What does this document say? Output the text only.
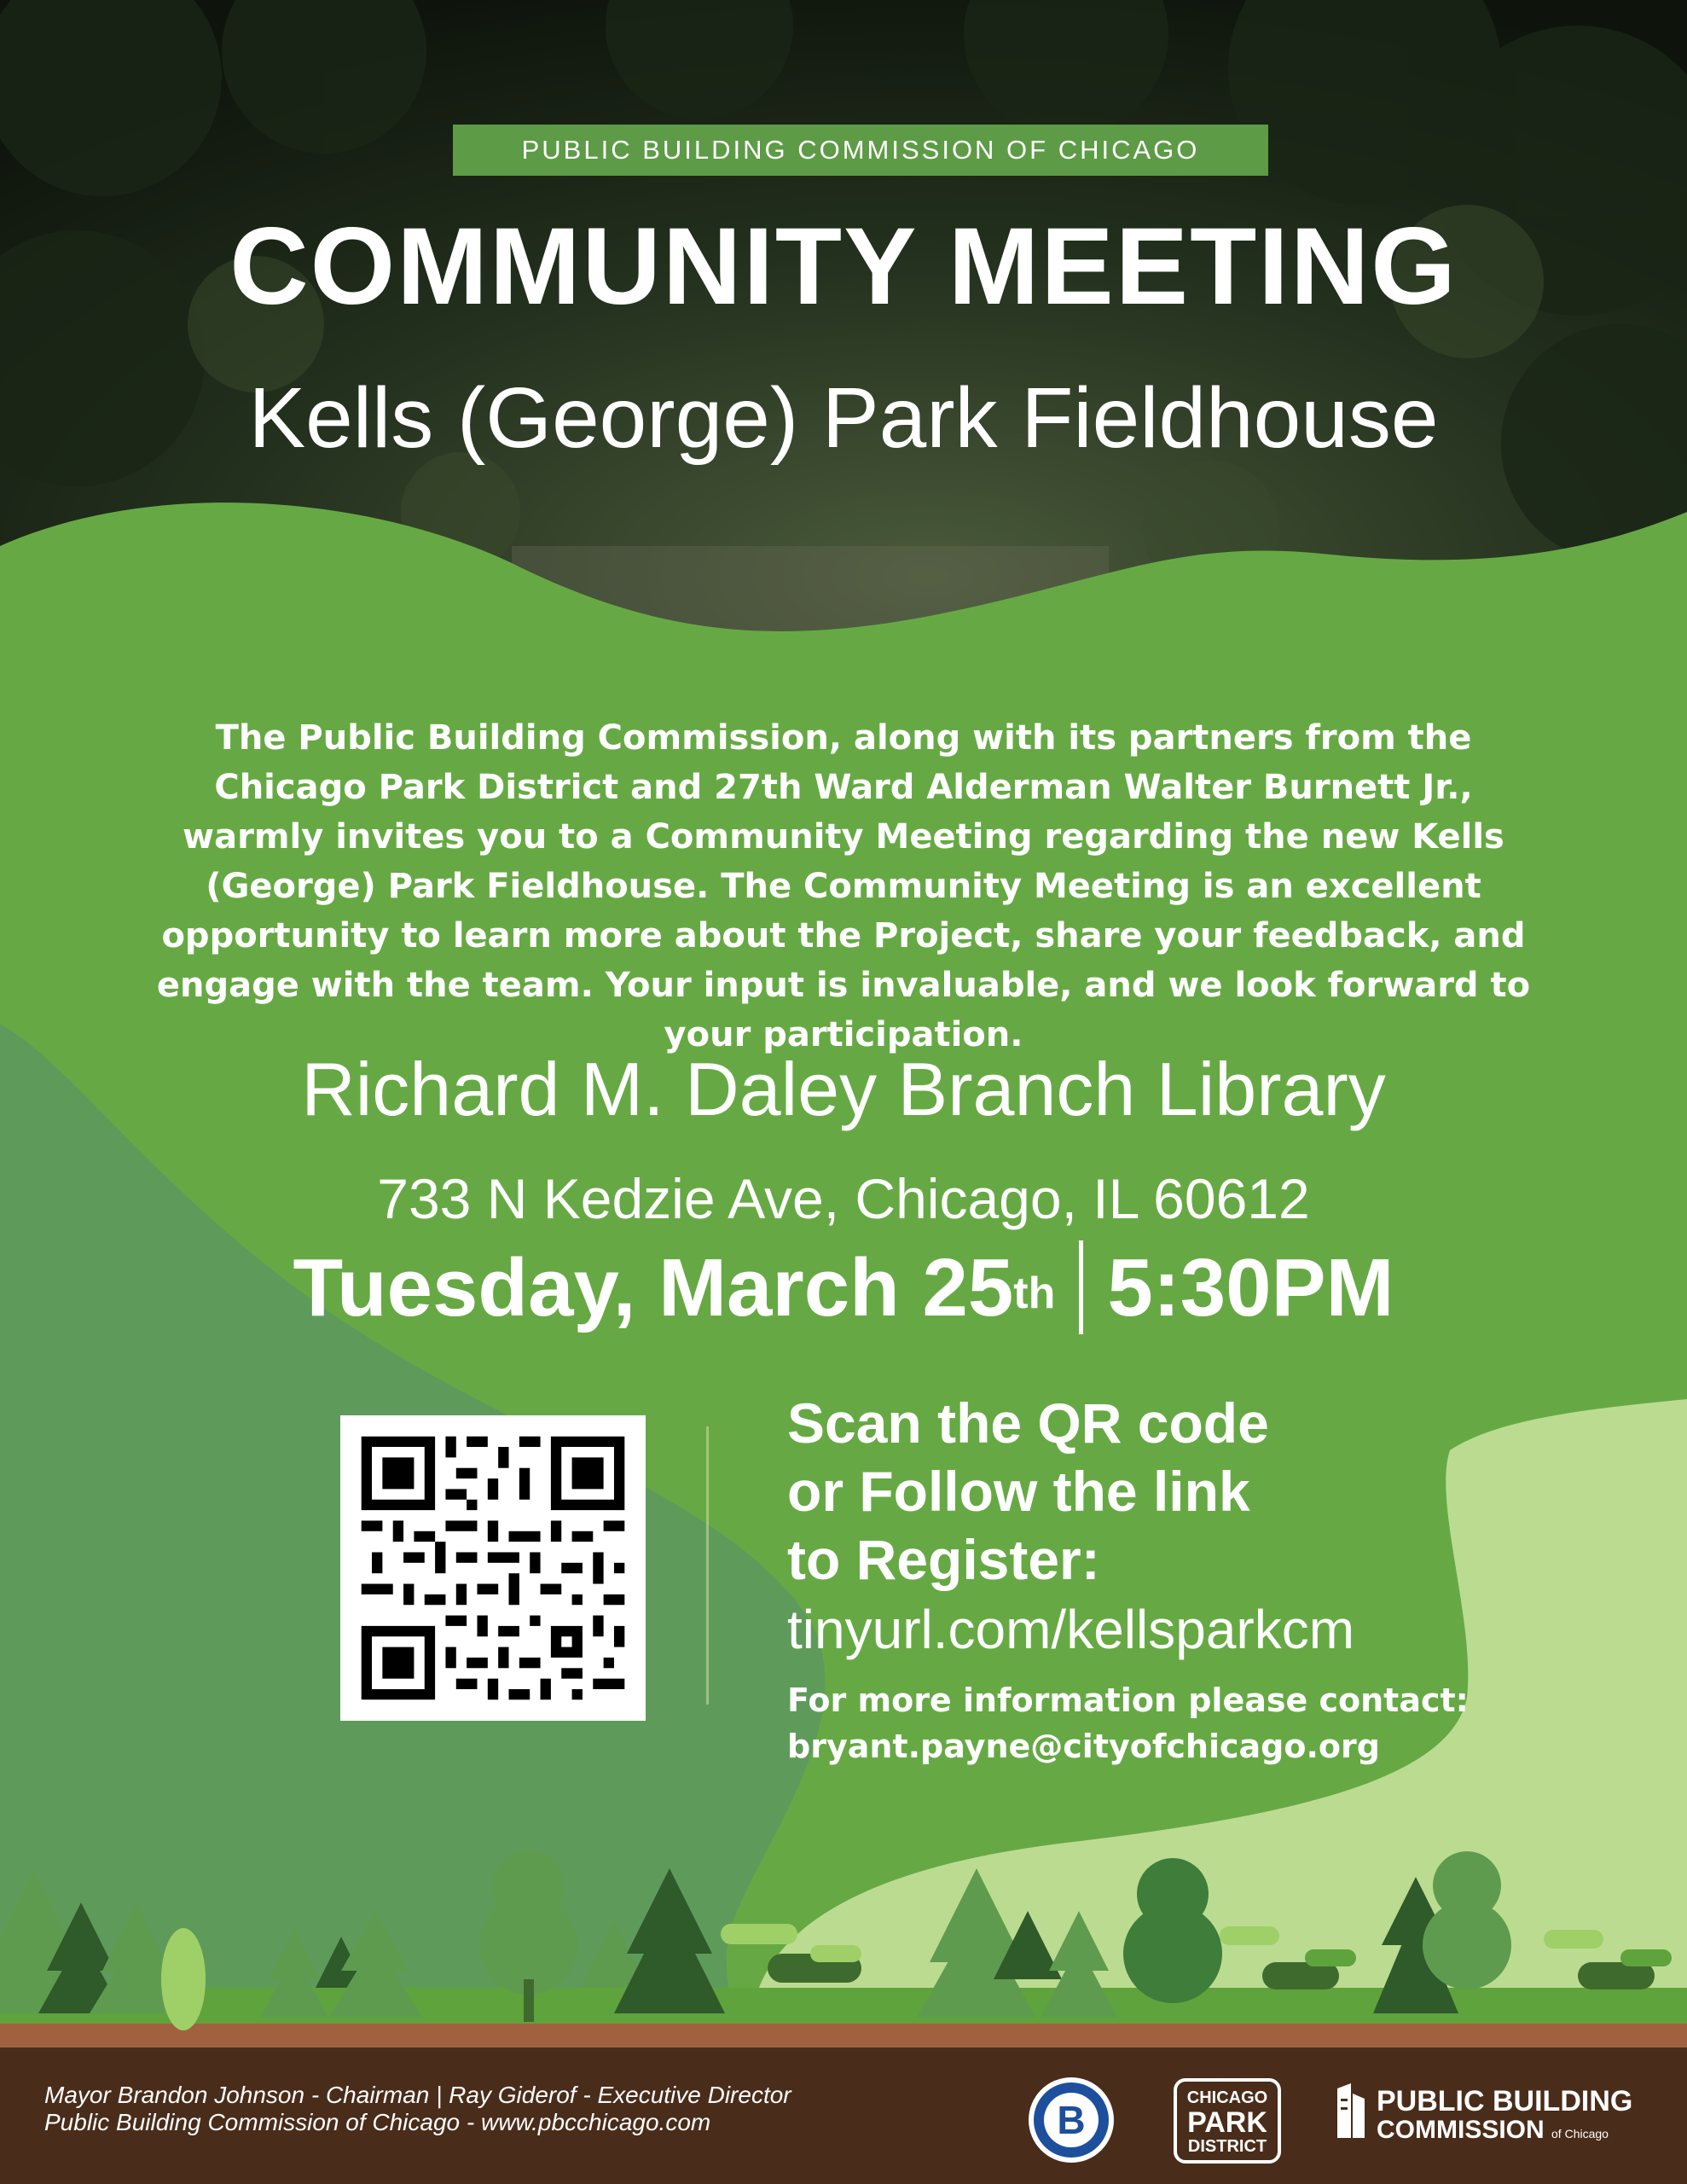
PUBLIC BUILDING COMMISSION OF CHICAGO
COMMUNITY MEETING
Kells (George) Park Fieldhouse
The Public Building Commission, along with its partners from the Chicago Park District and 27th Ward Alderman Walter Burnett Jr., warmly invites you to a Community Meeting regarding the new Kells (George) Park Fieldhouse. The Community Meeting is an excellent opportunity to learn more about the Project, share your feedback, and engage with the team. Your input is invaluable, and we look forward to your participation.
Richard M. Daley Branch Library
733 N Kedzie Ave, Chicago, IL 60612
Tuesday, March 25th 5:30PM
Scan the QR code
or Follow the link
to Register:
tinyurl.com/kellsparkcm
For more information please contact:
bryant.payne@cityofchicago.org
Mayor Brandon Johnson - Chairman | Ray Giderof - Executive Director
Public Building Commission of Chicago - www.pbcchicago.com	B	CHICAGO
PARK
DISTRICT
PUBLIC BUILDING
COMMISSION of Chicago
